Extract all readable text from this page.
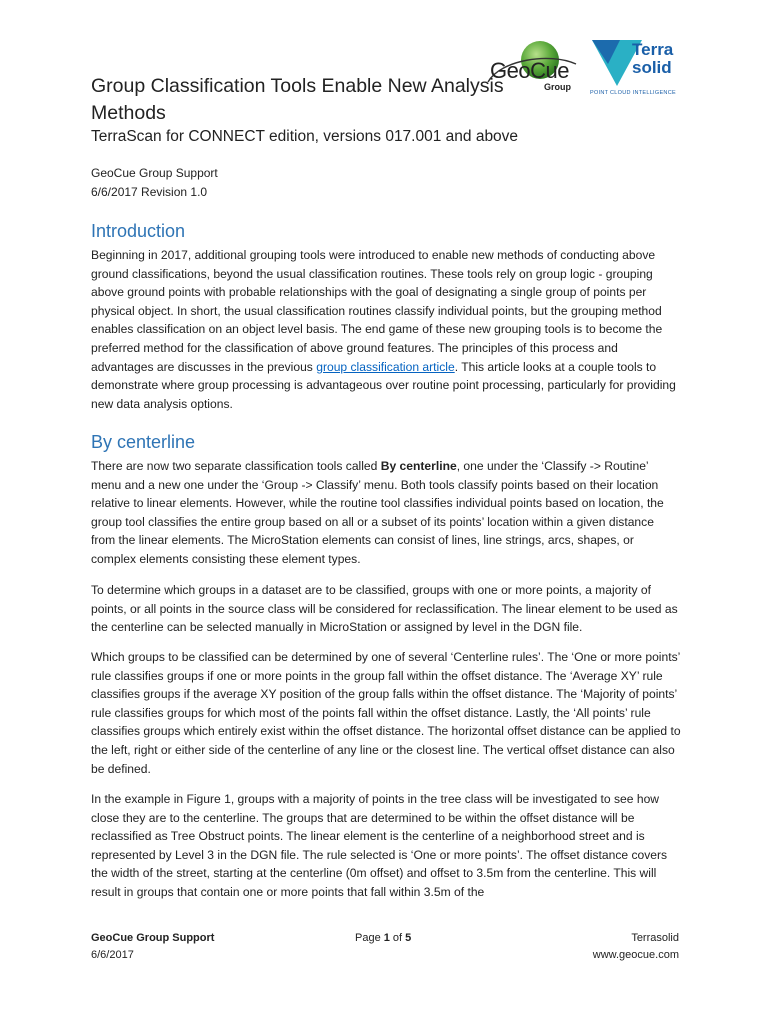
GeoCue
Group
Terra
solid
POINT CLOUD INTELLIGENCE
Group Classification Tools Enable New Analysis Methods
TerraScan for CONNECT edition, versions 017.001 and above
GeoCue Group Support
6/6/2017 Revision 1.0
Introduction

Beginning in 2017, additional grouping tools were introduced to enable new methods of conducting above ground classifications, beyond the usual classification routines. These tools rely on group logic - grouping above ground points with probable relationships with the goal of designating a single group of points per physical object. In short, the usual classification routines classify individual points, but the grouping method enables classification on an object level basis. The end game of these new grouping tools is to become the preferred method for the classification of above ground features. The principles of this process and advantages are discusses in the previous group classification article. This article looks at a couple tools to demonstrate where group processing is advantageous over routine point processing, particularly for providing new data analysis options.

By centerline

There are now two separate classification tools called By centerline, one under the ‘Classify -> Routine’ menu and a new one under the ‘Group -> Classify’ menu. Both tools classify points based on their location relative to linear elements. However, while the routine tool classifies individual points based on location, the group tool classifies the entire group based on all or a subset of its points’ location within a given distance from the linear elements. The MicroStation elements can consist of lines, line strings, arcs, shapes, or complex elements consisting these element types.

To determine which groups in a dataset are to be classified, groups with one or more points, a majority of points, or all points in the source class will be considered for reclassification. The linear element to be used as the centerline can be selected manually in MicroStation or assigned by level in the DGN file.

Which groups to be classified can be determined by one of several ‘Centerline rules’. The ‘One or more points’ rule classifies groups if one or more points in the group fall within the offset distance. The ‘Average XY’ rule classifies groups if the average XY position of the group falls within the offset distance. The ‘Majority of points’ rule classifies groups for which most of the points fall within the offset distance. Lastly, the ‘All points’ rule classifies groups which entirely exist within the offset distance. The horizontal offset distance can be applied to the left, right or either side of the centerline of any line or the closest line. The vertical offset distance can also be defined.

In the example in Figure 1, groups with a majority of points in the tree class will be investigated to see how close they are to the centerline. The groups that are determined to be within the offset distance will be reclassified as Tree Obstruct points. The linear element is the centerline of a neighborhood street and is represented by Level 3 in the DGN file. The rule selected is ‘One or more points’. The offset distance covers the width of the street, starting at the centerline (0m offset) and offset to 3.5m from the centerline. This will result in groups that contain one or more points that fall within 3.5m of the

GeoCue Group Support
6/6/2017
Page 1 of 5	Terrasolid
www.geocue.com
